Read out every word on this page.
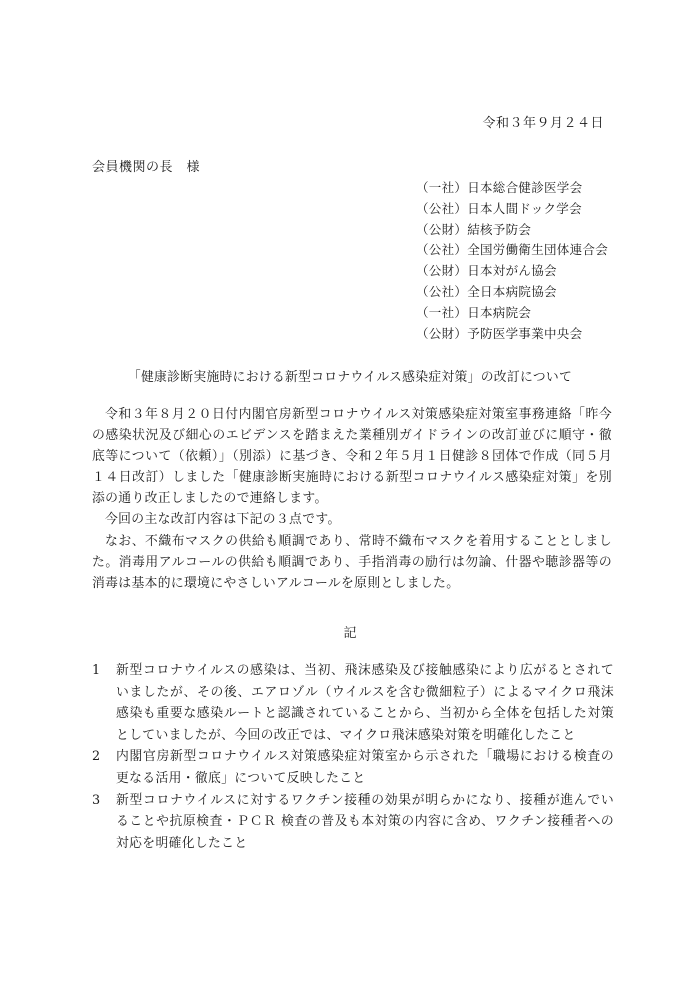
令和３年９月２４日
会員機関の長　様
（一社）日本総合健診医学会
（公社）日本人間ドック学会
（公財）結核予防会
（公社）全国労働衛生団体連合会
（公財）日本対がん協会
（公社）全日本病院協会
（一社）日本病院会
（公財）予防医学事業中央会
「健康診断実施時における新型コロナウイルス感染症対策」の改訂について

令和３年８月２０日付内閣官房新型コロナウイルス対策感染症対策室事務連絡「昨今の感染状況及び細心のエビデンスを踏まえた業種別ガイドラインの改訂並びに順守・徹底等について（依頼）」（別添）に基づき、令和２年５月１日健診８団体で作成（同５月１４日改訂）しました「健康診断実施時における新型コロナウイルス感染症対策」を別添の通り改正しましたので連絡します。

今回の主な改訂内容は下記の３点です。

なお、不織布マスクの供給も順調であり、常時不織布マスクを着用することとしました。消毒用アルコールの供給も順調であり、手指消毒の励行は勿論、什器や聴診器等の消毒は基本的に環境にやさしいアルコールを原則としました。

記
1	新型コロナウイルスの感染は、当初、飛沫感染及び接触感染により広がるとされていましたが、その後、エアロゾル（ウイルスを含む微細粒子）によるマイクロ飛沫感染も重要な感染ルートと認識されていることから、当初から全体を包括した対策としていましたが、今回の改正では、マイクロ飛沫感染対策を明確化したこと
2	内閣官房新型コロナウイルス対策感染症対策室から示された「職場における検査の更なる活用・徹底」について反映したこと
3	新型コロナウイルスに対するワクチン接種の効果が明らかになり、接種が進んでいることや抗原検査・ＰＣＲ 検査の普及も本対策の内容に含め、ワクチン接種者への対応を明確化したこと
